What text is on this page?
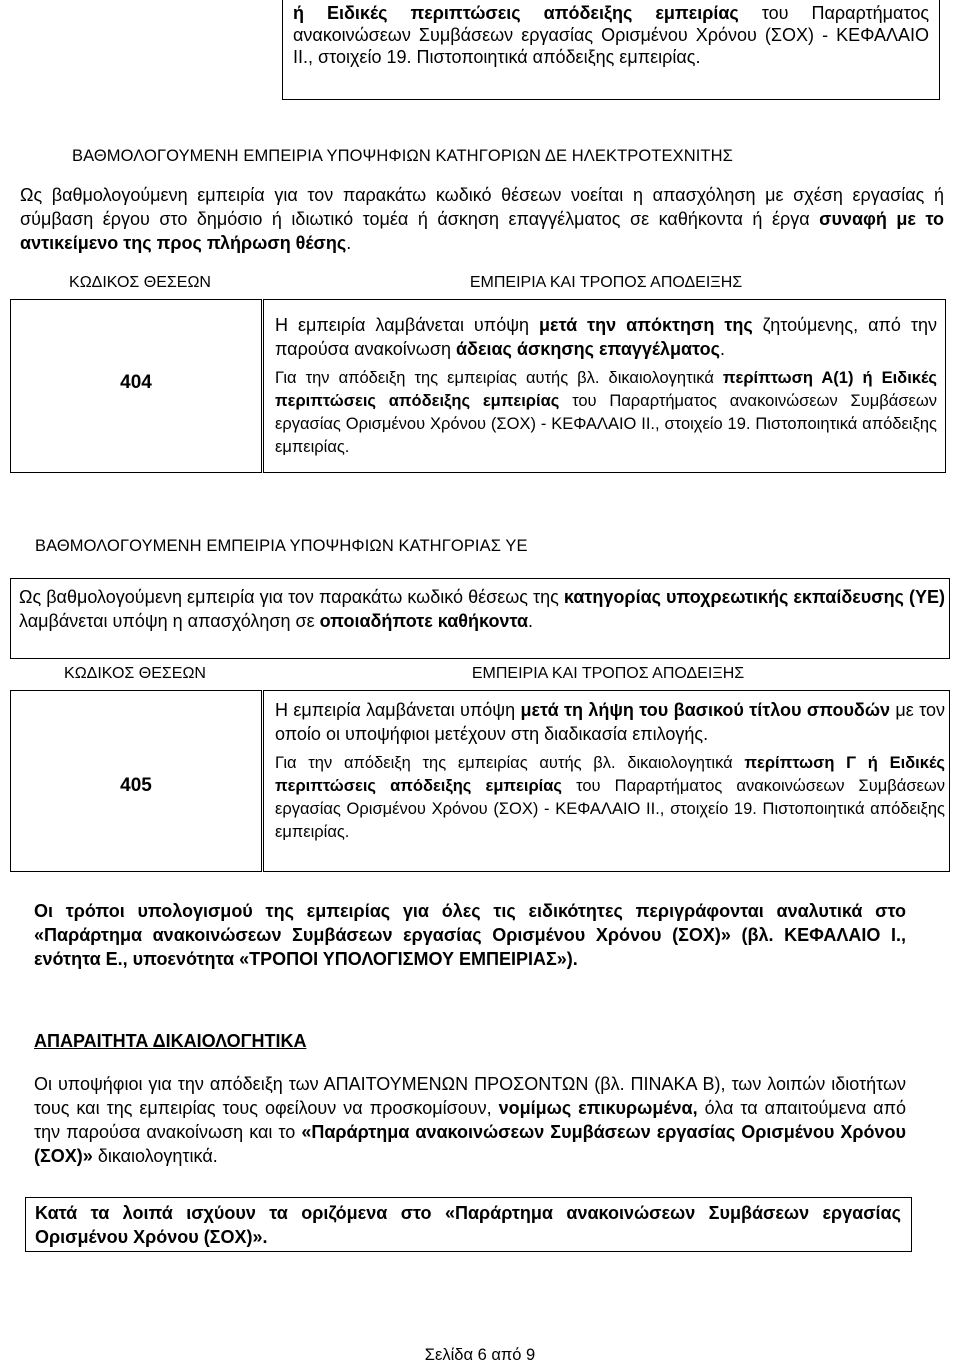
ή Ειδικές περιπτώσεις απόδειξης εμπειρίας του Παραρτήματος ανακοινώσεων Συμβάσεων εργασίας Ορισμένου Χρόνου (ΣΟΧ) - ΚΕΦΑΛΑΙΟ ΙΙ., στοιχείο 19. Πιστοποιητικά απόδειξης εμπειρίας.
ΒΑΘΜΟΛΟΓΟΥΜΕΝΗ ΕΜΠΕΙΡΙΑ ΥΠΟΨΗΦΙΩΝ ΚΑΤΗΓΟΡΙΩΝ ΔΕ ΗΛΕΚΤΡΟΤΕΧΝΙΤΗΣ
Ως βαθμολογούμενη εμπειρία για τον παρακάτω κωδικό θέσεων νοείται η απασχόληση με σχέση εργασίας ή σύμβαση έργου στο δημόσιο ή ιδιωτικό τομέα ή άσκηση επαγγέλματος σε καθήκοντα ή έργα συναφή με το αντικείμενο της προς πλήρωση θέσης.
ΚΩΔΙΚΟΣ ΘΕΣΕΩΝ	ΕΜΠΕΙΡΙΑ ΚΑΙ ΤΡΟΠΟΣ ΑΠΟΔΕΙΞΗΣ
404
Η εμπειρία λαμβάνεται υπόψη μετά την απόκτηση της ζητούμενης, από την παρούσα ανακοίνωση άδειας άσκησης επαγγέλματος.
Για την απόδειξη της εμπειρίας αυτής βλ. δικαιολογητικά περίπτωση Α(1) ή Ειδικές περιπτώσεις απόδειξης εμπειρίας του Παραρτήματος ανακοινώσεων Συμβάσεων εργασίας Ορισμένου Χρόνου (ΣΟΧ) - ΚΕΦΑΛΑΙΟ ΙΙ., στοιχείο 19. Πιστοποιητικά απόδειξης εμπειρίας.
ΒΑΘΜΟΛΟΓΟΥΜΕΝΗ ΕΜΠΕΙΡΙΑ ΥΠΟΨΗΦΙΩΝ ΚΑΤΗΓΟΡΙΑΣ ΥΕ
Ως βαθμολογούμενη εμπειρία για τον παρακάτω κωδικό θέσεως της κατηγορίας υποχρεωτικής εκπαίδευσης (ΥΕ) λαμβάνεται υπόψη η απασχόληση σε οποιαδήποτε καθήκοντα.
ΚΩΔΙΚΟΣ ΘΕΣΕΩΝ	ΕΜΠΕΙΡΙΑ ΚΑΙ ΤΡΟΠΟΣ ΑΠΟΔΕΙΞΗΣ
405
Η εμπειρία λαμβάνεται υπόψη μετά τη λήψη του βασικού τίτλου σπουδών με τον οποίο οι υποψήφιοι μετέχουν στη διαδικασία επιλογής.
Για την απόδειξη της εμπειρίας αυτής βλ. δικαιολογητικά περίπτωση Γ ή Ειδικές περιπτώσεις απόδειξης εμπειρίας του Παραρτήματος ανακοινώσεων Συμβάσεων εργασίας Ορισμένου Χρόνου (ΣΟΧ) - ΚΕΦΑΛΑΙΟ ΙΙ., στοιχείο 19. Πιστοποιητικά απόδειξης εμπειρίας.
Οι τρόποι υπολογισμού της εμπειρίας για όλες τις ειδικότητες περιγράφονται αναλυτικά στο «Παράρτημα ανακοινώσεων Συμβάσεων εργασίας Ορισμένου Χρόνου (ΣΟΧ)» (βλ. ΚΕΦΑΛΑΙΟ Ι., ενότητα Ε., υποενότητα «ΤΡΟΠΟΙ ΥΠΟΛΟΓΙΣΜΟΥ ΕΜΠΕΙΡΙΑΣ»).
ΑΠΑΡΑΙΤΗΤΑ ΔΙΚΑΙΟΛΟΓΗΤΙΚΑ
Οι υποψήφιοι για την απόδειξη των ΑΠΑΙΤΟΥΜΕΝΩΝ ΠΡΟΣΟΝΤΩΝ (βλ. ΠΙΝΑΚΑ Β), των λοιπών ιδιοτήτων τους και της εμπειρίας τους οφείλουν να προσκομίσουν, νομίμως επικυρωμένα, όλα τα απαιτούμενα από την παρούσα ανακοίνωση και το «Παράρτημα ανακοινώσεων Συμβάσεων εργασίας Ορισμένου Χρόνου (ΣΟΧ)» δικαιολογητικά.
Κατά τα λοιπά ισχύουν τα οριζόμενα στο «Παράρτημα ανακοινώσεων Συμβάσεων εργασίας Ορισμένου Χρόνου (ΣΟΧ)».
Σελίδα 6 από 9
